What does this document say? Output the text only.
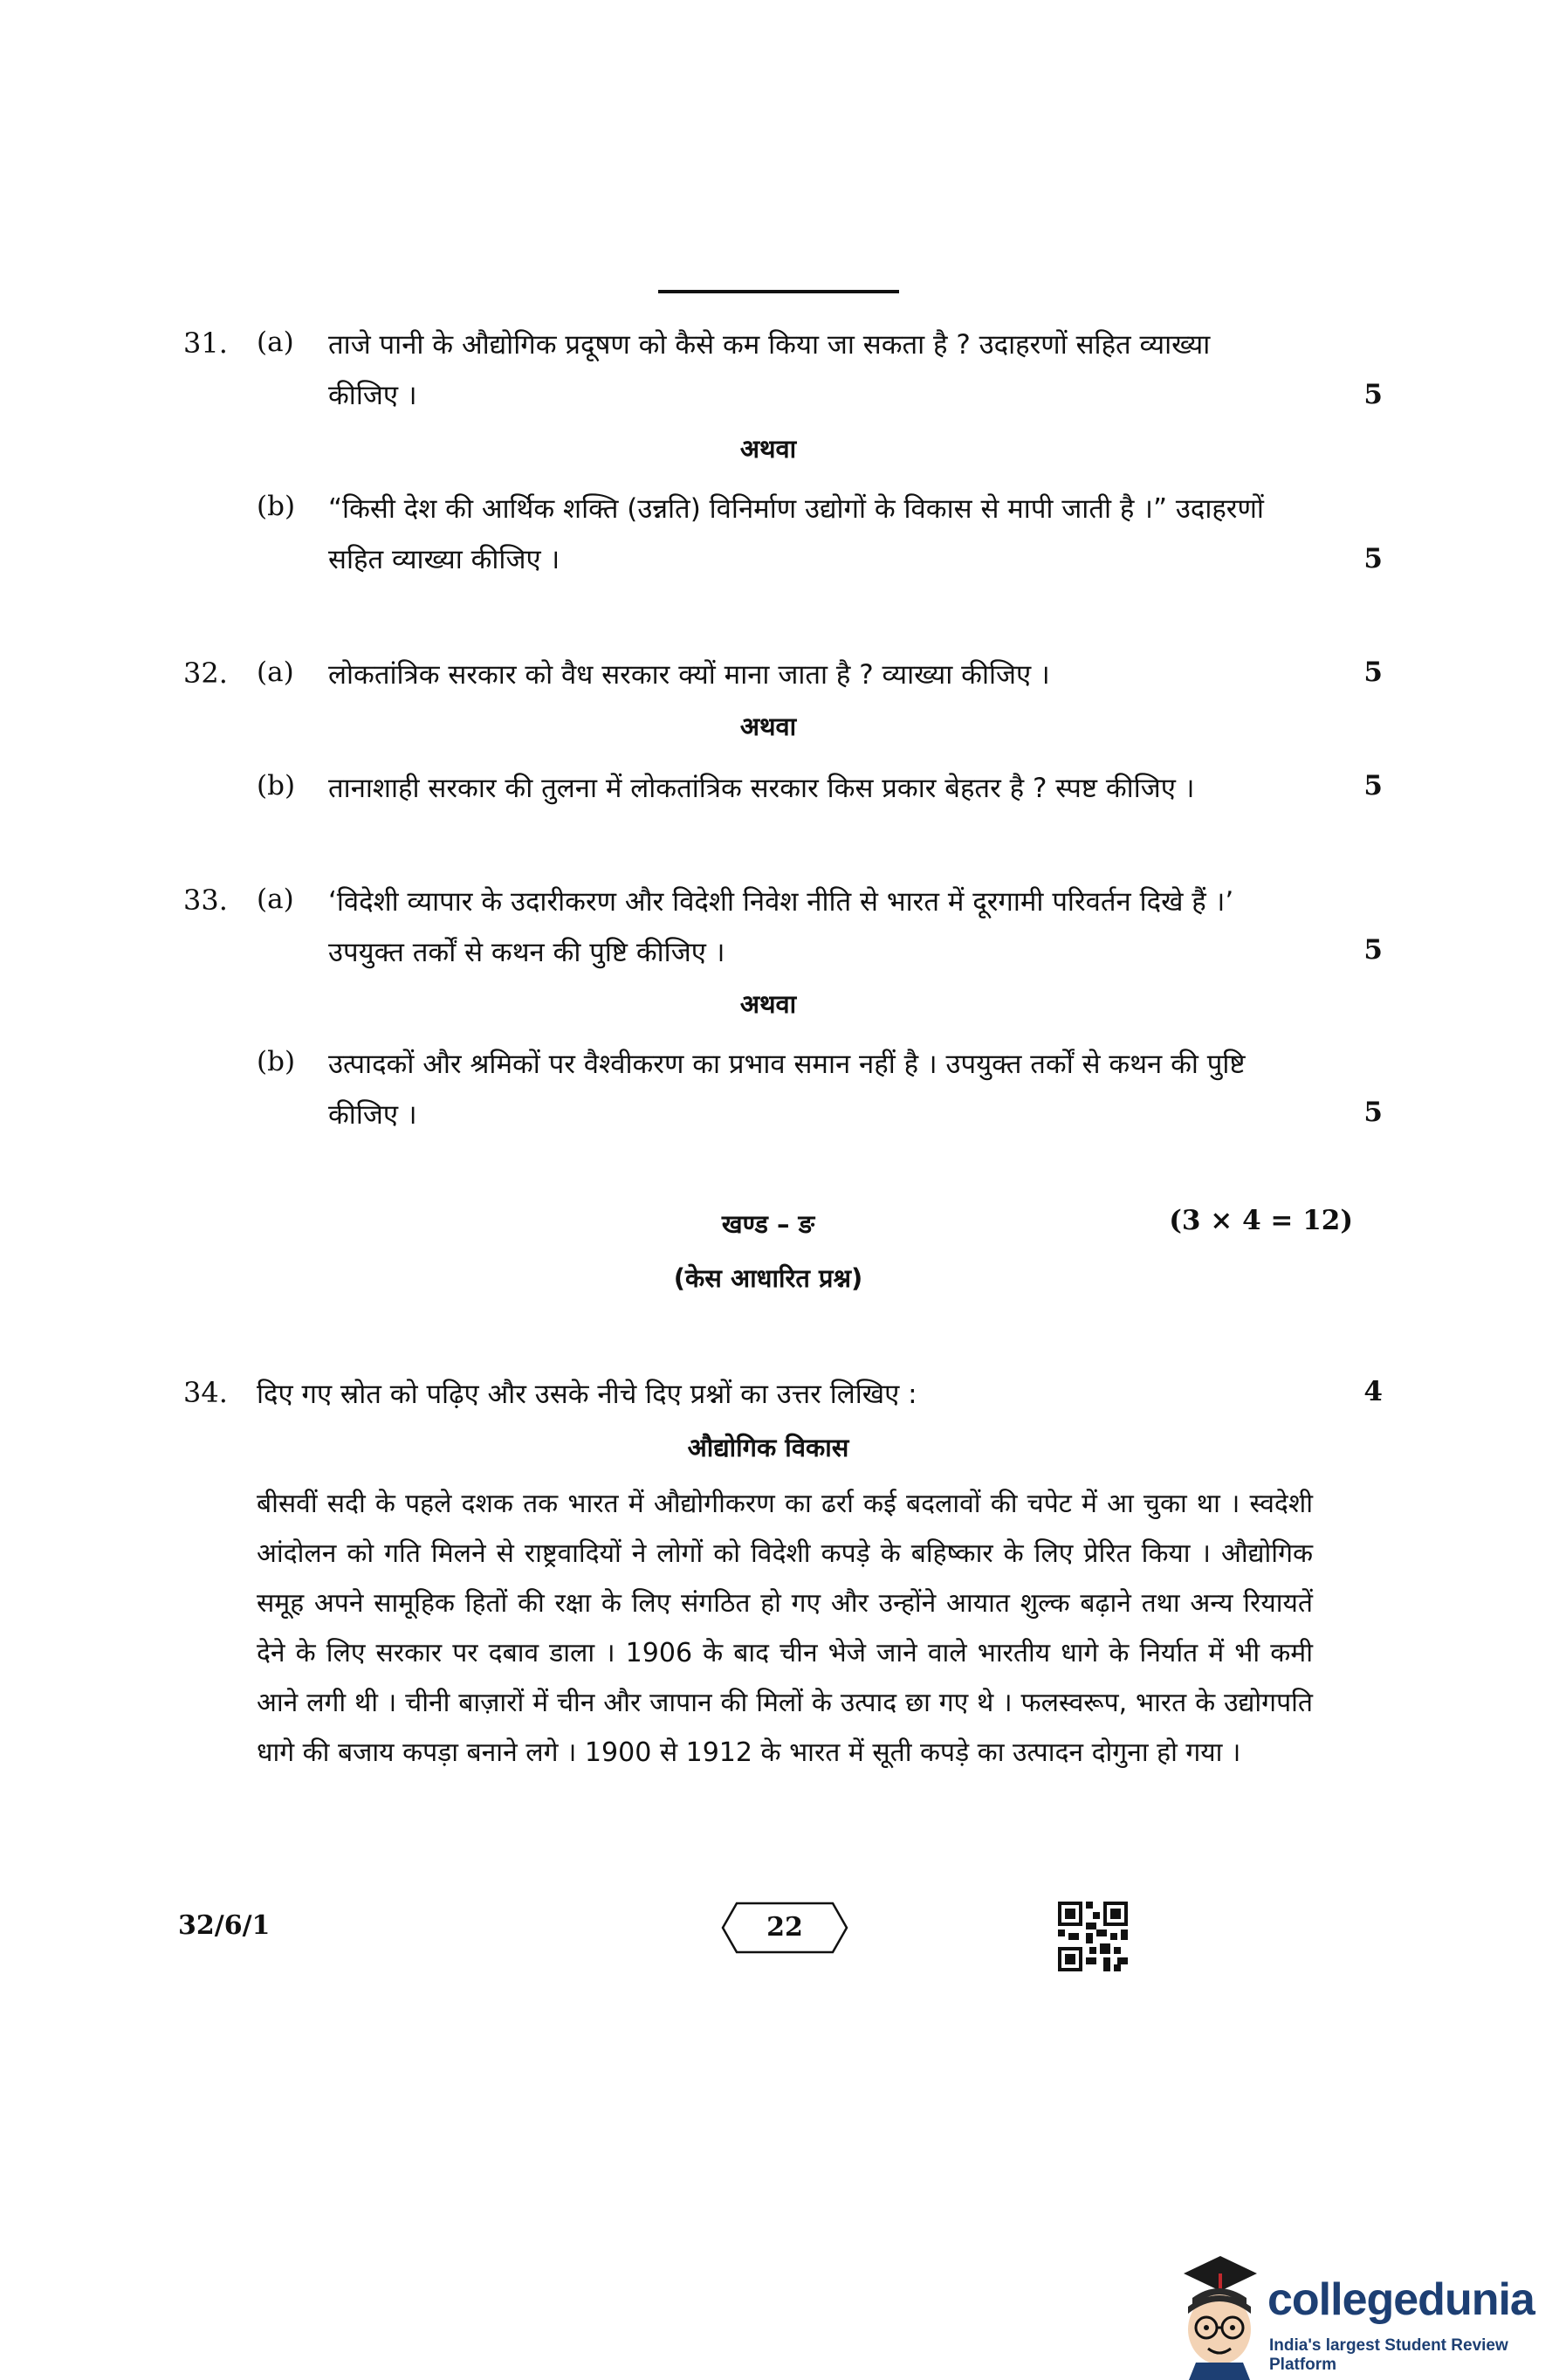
31. (a) ताजे पानी के औद्योगिक प्रदूषण को कैसे कम किया जा सकता है ? उदाहरणों सहित व्याख्या
कीजिए ।	5
अथवा
(b) “किसी देश की आर्थिक शक्ति (उन्नति) विनिर्माण उद्योगों के विकास से मापी जाती है ।” उदाहरणों
सहित व्याख्या कीजिए ।	5
32. (a) लोकतांत्रिक सरकार को वैध सरकार क्यों माना जाता है ? व्याख्या कीजिए ।	5
अथवा
(b) तानाशाही सरकार की तुलना में लोकतांत्रिक सरकार किस प्रकार बेहतर है ? स्पष्ट कीजिए ।	5
33. (a) ‘विदेशी व्यापार के उदारीकरण और विदेशी निवेश नीति से भारत में दूरगामी परिवर्तन दिखे हैं ।’
उपयुक्त तर्कों से कथन की पुष्टि कीजिए ।	5
अथवा
(b) उत्पादकों और श्रमिकों पर वैश्वीकरण का प्रभाव समान नहीं है । उपयुक्त तर्कों से कथन की पुष्टि
कीजिए ।	5
खण्ड – ङ	(3 × 4 = 12)
(केस आधारित प्रश्न)
34. दिए गए स्रोत को पढ़िए और उसके नीचे दिए प्रश्नों का उत्तर लिखिए :	4
औद्योगिक विकास

बीसवीं सदी के पहले दशक तक भारत में औद्योगीकरण का ढर्रा कई बदलावों की चपेट में आ चुका था । स्वदेशी आंदोलन को गति मिलने से राष्ट्रवादियों ने लोगों को विदेशी कपड़े के बहिष्कार के लिए प्रेरित किया । औद्योगिक समूह अपने सामूहिक हितों की रक्षा के लिए संगठित हो गए और उन्होंने आयात शुल्क बढ़ाने तथा अन्य रियायतें देने के लिए सरकार पर दबाव डाला । 1906 के बाद चीन भेजे जाने वाले भारतीय धागे के निर्यात में भी कमी आने लगी थी । चीनी बाज़ारों में चीन और जापान की मिलों के उत्पाद छा गए थे । फलस्वरूप, भारत के उद्योगपति धागे की बजाय कपड़ा बनाने लगे । 1900 से 1912 के भारत में सूती कपड़े का उत्पादन दोगुना हो गया ।

32/6/1	22
collegedunia
India's largest Student Review Platform
